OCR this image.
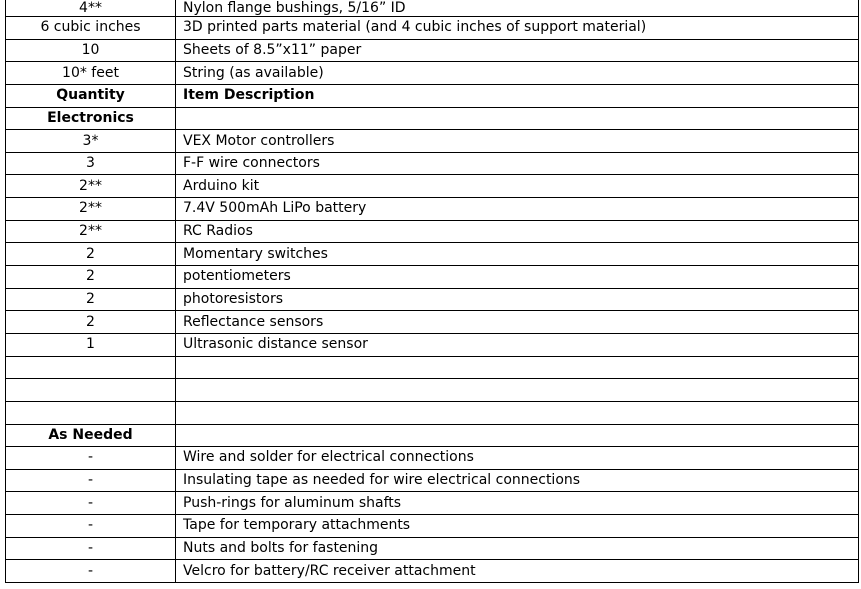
4**	Nylon flange bushings, 5/16” ID
6 cubic inches	3D printed parts material (and 4 cubic inches of support material)
10	Sheets of 8.5”x11” paper
10* feet	String (as available)
Quantity	Item Description
Electronics	
3*	VEX Motor controllers
3	F-F wire connectors
2**	Arduino kit
2**	7.4V 500mAh LiPo battery
2**	RC Radios
2	Momentary switches
2	potentiometers
2	photoresistors
2	Reflectance sensors
1	Ultrasonic distance sensor

As Needed	
-	Wire and solder for electrical connections
-	Insulating tape as needed for wire electrical connections
-	Push-rings for aluminum shafts
-	Tape for temporary attachments
-	Nuts and bolts for fastening
-	Velcro for battery/RC receiver attachment
